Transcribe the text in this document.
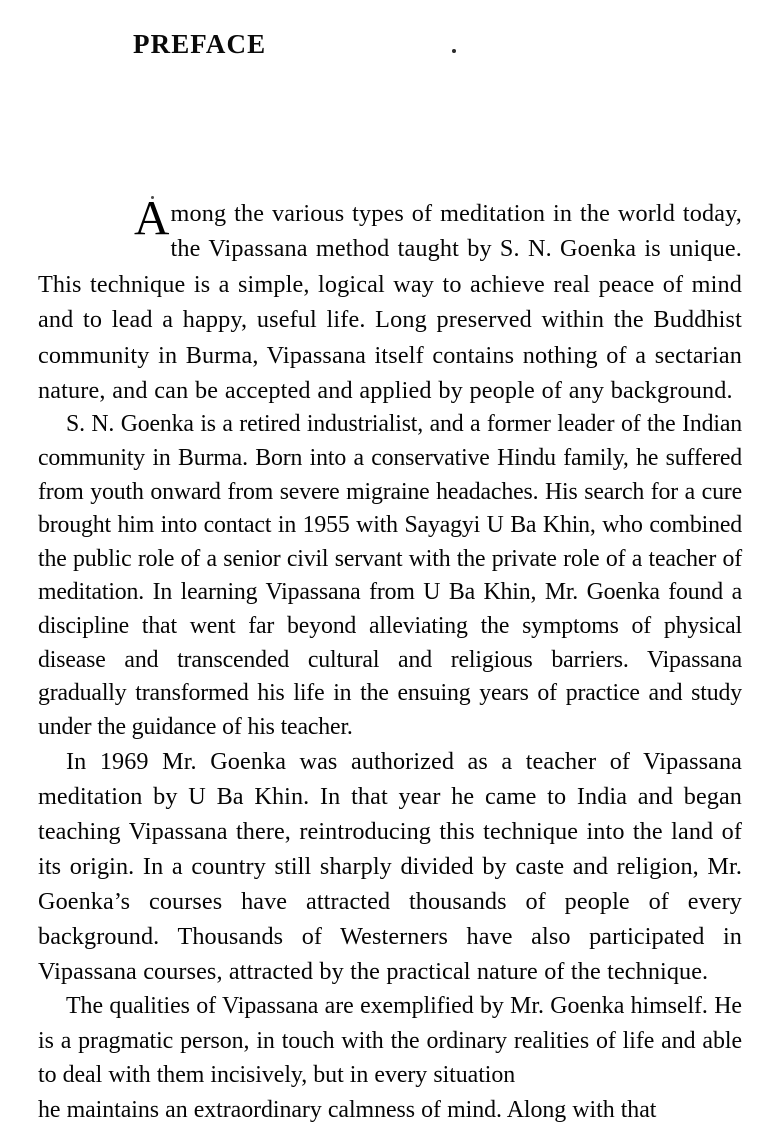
PREFACE

Among the various types of meditation in the world today, the Vipassana method taught by S. N. Goenka is unique. This technique is a simple, logical way to achieve real peace of mind and to lead a happy, useful life. Long preserved within the Buddhist community in Burma, Vipassana itself contains nothing of a sectarian nature, and can be accepted and applied by people of any background.

S. N. Goenka is a retired industrialist, and a former leader of the Indian community in Burma. Born into a conservative Hindu family, he suffered from youth onward from severe migraine headaches. His search for a cure brought him into contact in 1955 with Sayagyi U Ba Khin, who combined the public role of a senior civil servant with the private role of a teacher of meditation. In learning Vipassana from U Ba Khin, Mr. Goenka found a discipline that went far beyond alleviating the symptoms of physical disease and transcended cultural and religious barriers. Vipassana gradually transformed his life in the ensuing years of practice and study under the guidance of his teacher.

In 1969 Mr. Goenka was authorized as a teacher of Vipassana meditation by U Ba Khin. In that year he came to India and began teaching Vipassana there, reintroducing this technique into the land of its origin. In a country still sharply divided by caste and religion, Mr. Goenka’s courses have attracted thousands of people of every background. Thousands of Westerners have also participated in Vipassana courses, attracted by the practical nature of the technique.

The qualities of Vipassana are exemplified by Mr. Goenka himself. He is a pragmatic person, in touch with the ordinary realities of life and able to deal with them incisively, but in every situation
he maintains an extraordinary calmness of mind. Along with that
